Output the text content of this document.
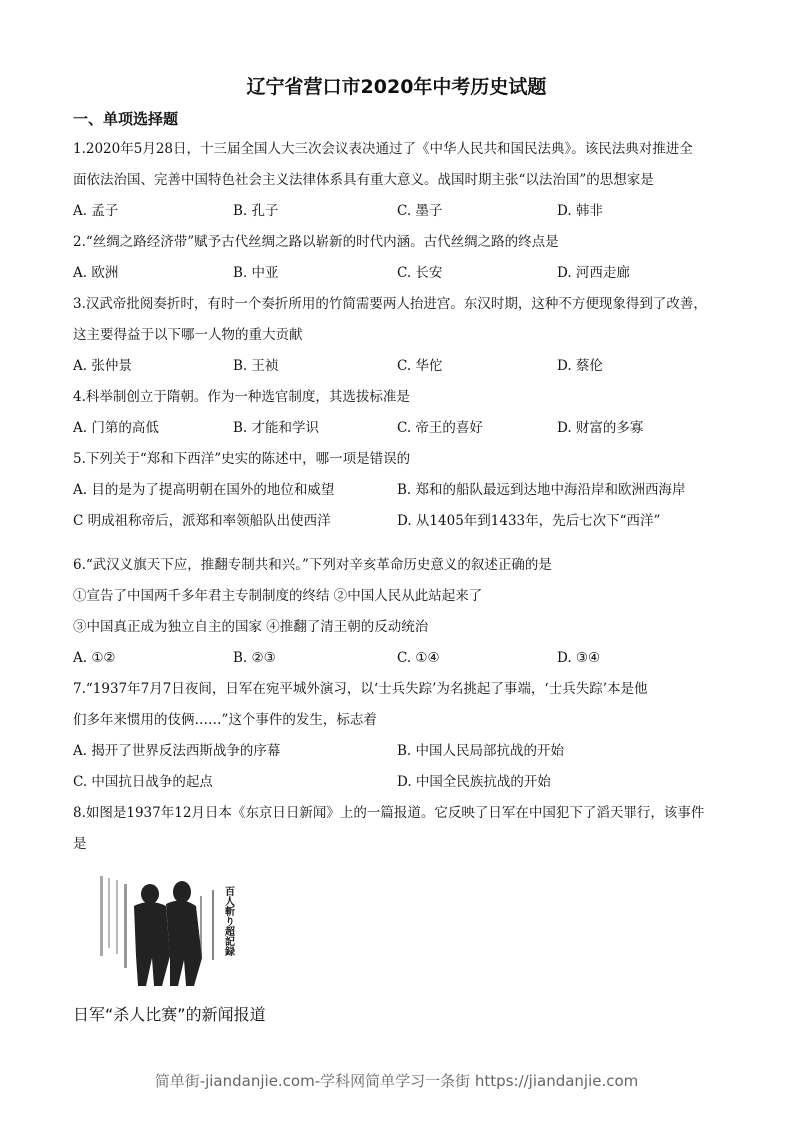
辽宁省营口市2020年中考历史试题
一、单项选择题
1.2020年5月28日，十三届全国人大三次会议表决通过了《中华人民共和国民法典》。该民法典对推进全
面依法治国、完善中国特色社会主义法律体系具有重大意义。战国时期主张“以法治国”的思想家是
A. 孟子	B. 孔子	C. 墨子	D. 韩非
2.“丝绸之路经济带”赋予古代丝绸之路以崭新的时代内涵。古代丝绸之路的终点是
A. 欧洲	B. 中亚	C. 长安	D. 河西走廊
3.汉武帝批阅奏折时，有时一个奏折所用的竹简需要两人抬进宫。东汉时期，这种不方便现象得到了改善，
这主要得益于以下哪一人物的重大贡献
A. 张仲景	B. 王祯	C. 华佗	D. 蔡伦
4.科举制创立于隋朝。作为一种选官制度，其选拔标准是
A. 门第的高低	B. 才能和学识	C. 帝王的喜好	D. 财富的多寡
5.下列关于“郑和下西洋”史实的陈述中，哪一项是错误的
A. 目的是为了提高明朝在国外的地位和威望	B. 郑和的船队最远到达地中海沿岸和欧洲西海岸
C 明成祖称帝后，派郑和率领船队出使西洋	D. 从1405年到1433年，先后七次下“西洋”
6.“武汉义旗天下应，推翻专制共和兴。”下列对辛亥革命历史意义的叙述正确的是
①宣告了中国两千多年君主专制制度的终结 ②中国人民从此站起来了
③中国真正成为独立自主的国家 ④推翻了清王朝的反动统治
A. ①②	B. ②③	C. ①④	D. ③④
7.“1937年7月7日夜间，日军在宛平城外演习，以‘士兵失踪’为名挑起了事端，‘士兵失踪’本是他
们多年来惯用的伎俩……”这个事件的发生，标志着
A. 揭开了世界反法西斯战争的序幕	B. 中国人民局部抗战的开始
C. 中国抗日战争的起点	D. 中国全民族抗战的开始
8.如图是1937年12月日本《东京日日新闻》上的一篇报道。它反映了日军在中国犯下了滔天罪行，该事件
是
百人斬り超記録
日军“杀人比赛”的新闻报道
简单街-jiandanjie.com-学科网简单学习一条街 https://jiandanjie.com
